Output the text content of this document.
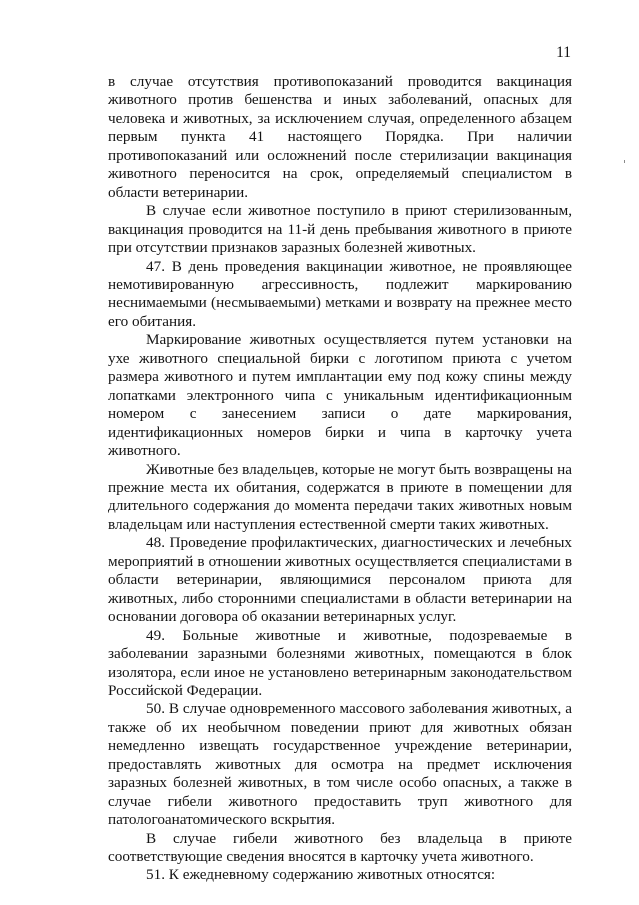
11

в случае отсутствия противопоказаний проводится вакцинация животного против бешенства и иных заболеваний, опасных для человека и животных, за исключением случая, определенного абзацем первым пункта 41 настоящего Порядка. При наличии противопоказаний или осложнений после стерилизации вакцинация животного переносится на срок, определяемый специалистом в области ветеринарии.

В случае если животное поступило в приют стерилизованным, вакцинация проводится на 11-й день пребывания животного в приюте при отсутствии признаков заразных болезней животных.

47. В день проведения вакцинации животное, не проявляющее немотивированную агрессивность, подлежит маркированию неснимаемыми (несмываемыми) метками и возврату на прежнее место его обитания.

Маркирование животных осуществляется путем установки на ухе животного специальной бирки с логотипом приюта с учетом размера животного и путем имплантации ему под кожу спины между лопатками электронного чипа с уникальным идентификационным номером с занесением записи о дате маркирования, идентификационных номеров бирки и чипа в карточку учета животного.

Животные без владельцев, которые не могут быть возвращены на прежние места их обитания, содержатся в приюте в помещении для длительного содержания до момента передачи таких животных новым владельцам или наступления естественной смерти таких животных.

48. Проведение профилактических, диагностических и лечебных мероприятий в отношении животных осуществляется специалистами в области ветеринарии, являющимися персоналом приюта для животных, либо сторонними специалистами в области ветеринарии на основании договора об оказании ветеринарных услуг.

49. Больные животные и животные, подозреваемые в заболевании заразными болезнями животных, помещаются в блок изолятора, если иное не установлено ветеринарным законодательством Российской Федерации.

50. В случае одновременного массового заболевания животных, а также об их необычном поведении приют для животных обязан немедленно извещать государственное учреждение ветеринарии, предоставлять животных для осмотра на предмет исключения заразных болезней животных, в том числе особо опасных, а также в случае гибели животного предоставить труп животного для патологоанатомического вскрытия.

В случае гибели животного без владельца в приюте соответствующие сведения вносятся в карточку учета животного.

51. К ежедневному содержанию животных относятся:
